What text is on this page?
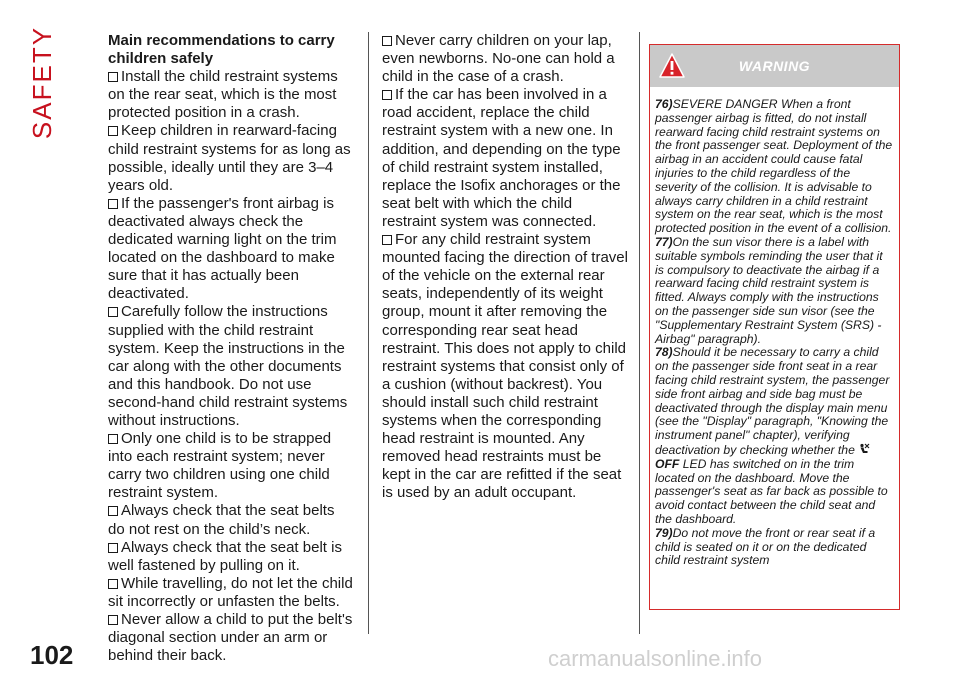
SAFETY
102

Main recommendations to carry children safely

Install the child restraint systems on the rear seat, which is the most protected position in a crash.

Keep children in rearward-facing child restraint systems for as long as possible, ideally until they are 3–4 years old.

If the passenger's front airbag is deactivated always check the dedicated warning light on the trim located on the dashboard to make sure that it has actually been deactivated.

Carefully follow the instructions supplied with the child restraint system. Keep the instructions in the car along with the other documents and this handbook. Do not use second-hand child restraint systems without instructions.

Only one child is to be strapped into each restraint system; never carry two children using one child restraint system.

Always check that the seat belts do not rest on the child’s neck.

Always check that the seat belt is well fastened by pulling on it.

While travelling, do not let the child sit incorrectly or unfasten the belts.

Never allow a child to put the belt's diagonal section under an arm or behind their back.

Never carry children on your lap, even newborns. No-one can hold a child in the case of a crash.

If the car has been involved in a road accident, replace the child restraint system with a new one. In addition, and depending on the type of child restraint system installed, replace the Isofix anchorages or the seat belt with which the child restraint system was connected.

For any child restraint system mounted facing the direction of travel of the vehicle on the external rear seats, independently of its weight group, mount it after removing the corresponding rear seat head restraint. This does not apply to child restraint systems that consist only of a cushion (without backrest). You should install such child restraint systems when the corresponding head restraint is mounted. Any removed head restraints must be kept in the car are refitted if the seat is used by an adult occupant.

WARNING

76)SEVERE DANGER When a front passenger airbag is fitted, do not install rearward facing child restraint systems on the front passenger seat. Deployment of the airbag in an accident could cause fatal injuries to the child regardless of the severity of the collision. It is advisable to always carry children in a child restraint system on the rear seat, which is the most protected position in the event of a collision.

77)On the sun visor there is a label with suitable symbols reminding the user that it is compulsory to deactivate the airbag if a rearward facing child restraint system is fitted. Always comply with the instructions on the passenger side sun visor (see the "Supplementary Restraint System (SRS) - Airbag" paragraph).

78)Should it be necessary to carry a child on the passenger side front seat in a rear facing child restraint system, the passenger side front airbag and side bag must be deactivated through the display main menu (see the "Display" paragraph, "Knowing the instrument panel" chapter), verifying deactivation by checking whether the OFF LED has switched on in the trim located on the dashboard. Move the passenger's seat as far back as possible to avoid contact between the child seat and the dashboard.

79)Do not move the front or rear seat if a child is seated on it or on the dedicated child restraint system

carmanualsonline.info
